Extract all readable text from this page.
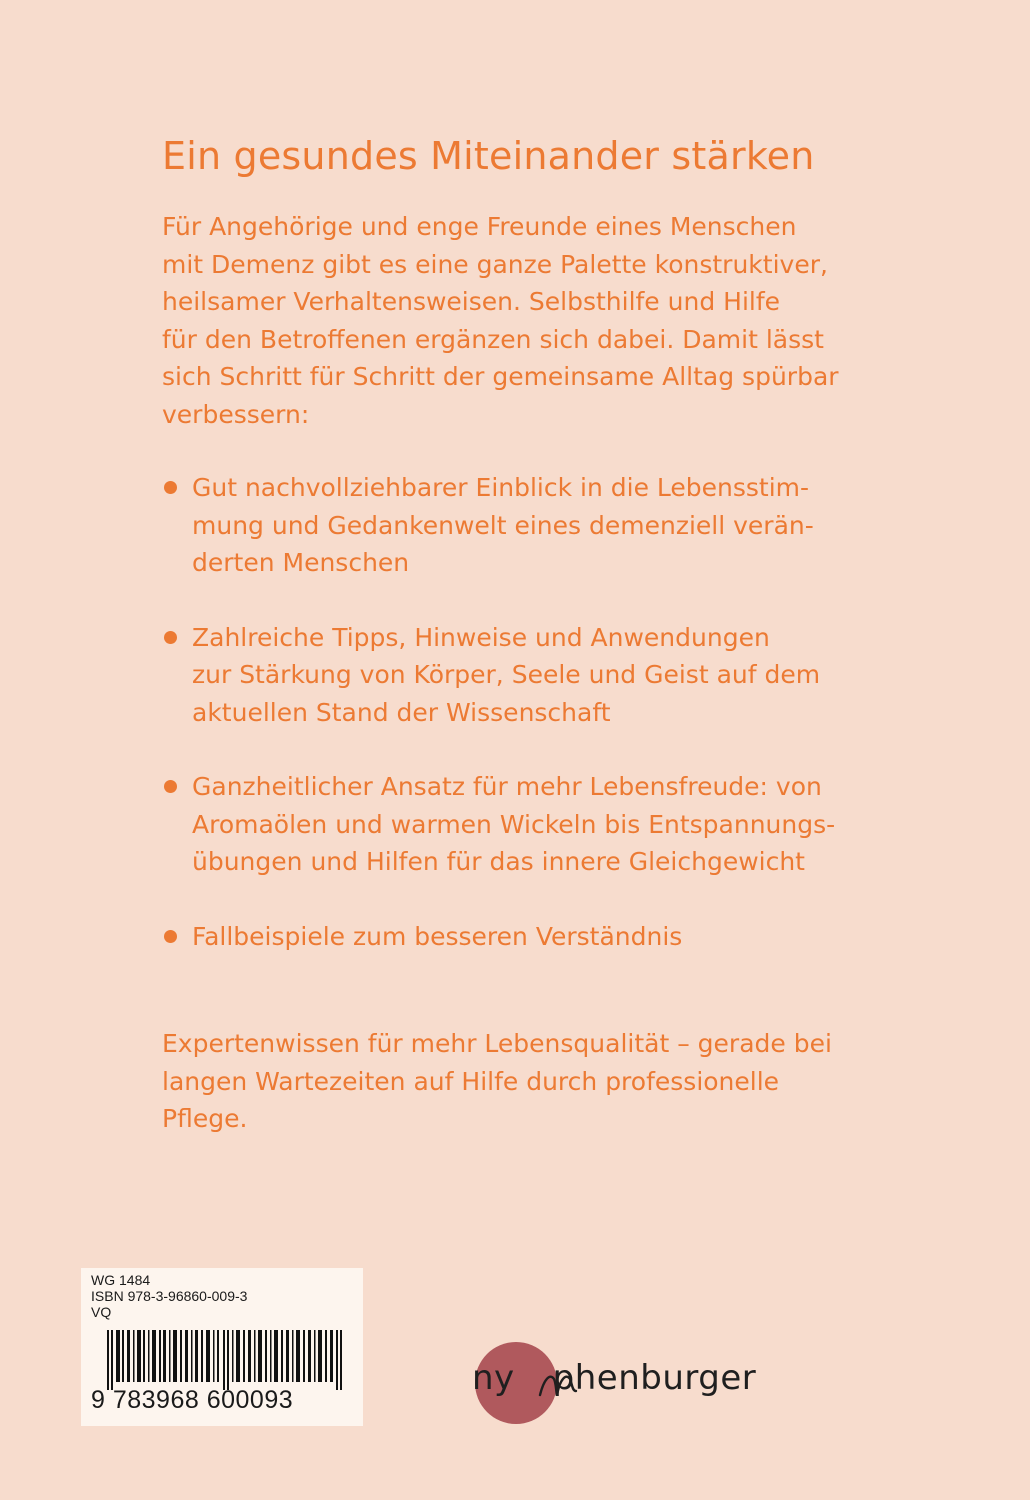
Ein gesundes Miteinander stärken

Für Angehörige und enge Freunde eines Menschen
mit Demenz gibt es eine ganze Palette konstruktiver,
heilsamer Verhaltensweisen. Selbsthilfe und Hilfe
für den Betroffenen ergänzen sich dabei. Damit lässt
sich Schritt für Schritt der gemeinsame Alltag spürbar
verbessern:

Gut nachvollziehbarer Einblick in die Lebensstim-
mung und Gedankenwelt eines demenziell verän-
derten Menschen
Zahlreiche Tipps, Hinweise und Anwendungen
zur Stärkung von Körper, Seele und Geist auf dem
aktuellen Stand der Wissenschaft
Ganzheitlicher Ansatz für mehr Lebensfreude: von
Aromaölen und warmen Wickeln bis Entspannungs-
übungen und Hilfen für das innere Gleichgewicht
Fallbeispiele zum besseren Verständnis

Expertenwissen für mehr Lebensqualität – gerade bei
langen Wartezeiten auf Hilfe durch professionelle
Pflege.

WG 1484
ISBN 978-3-96860-009-3
VQ
9 783968 600093
ny phenburger
